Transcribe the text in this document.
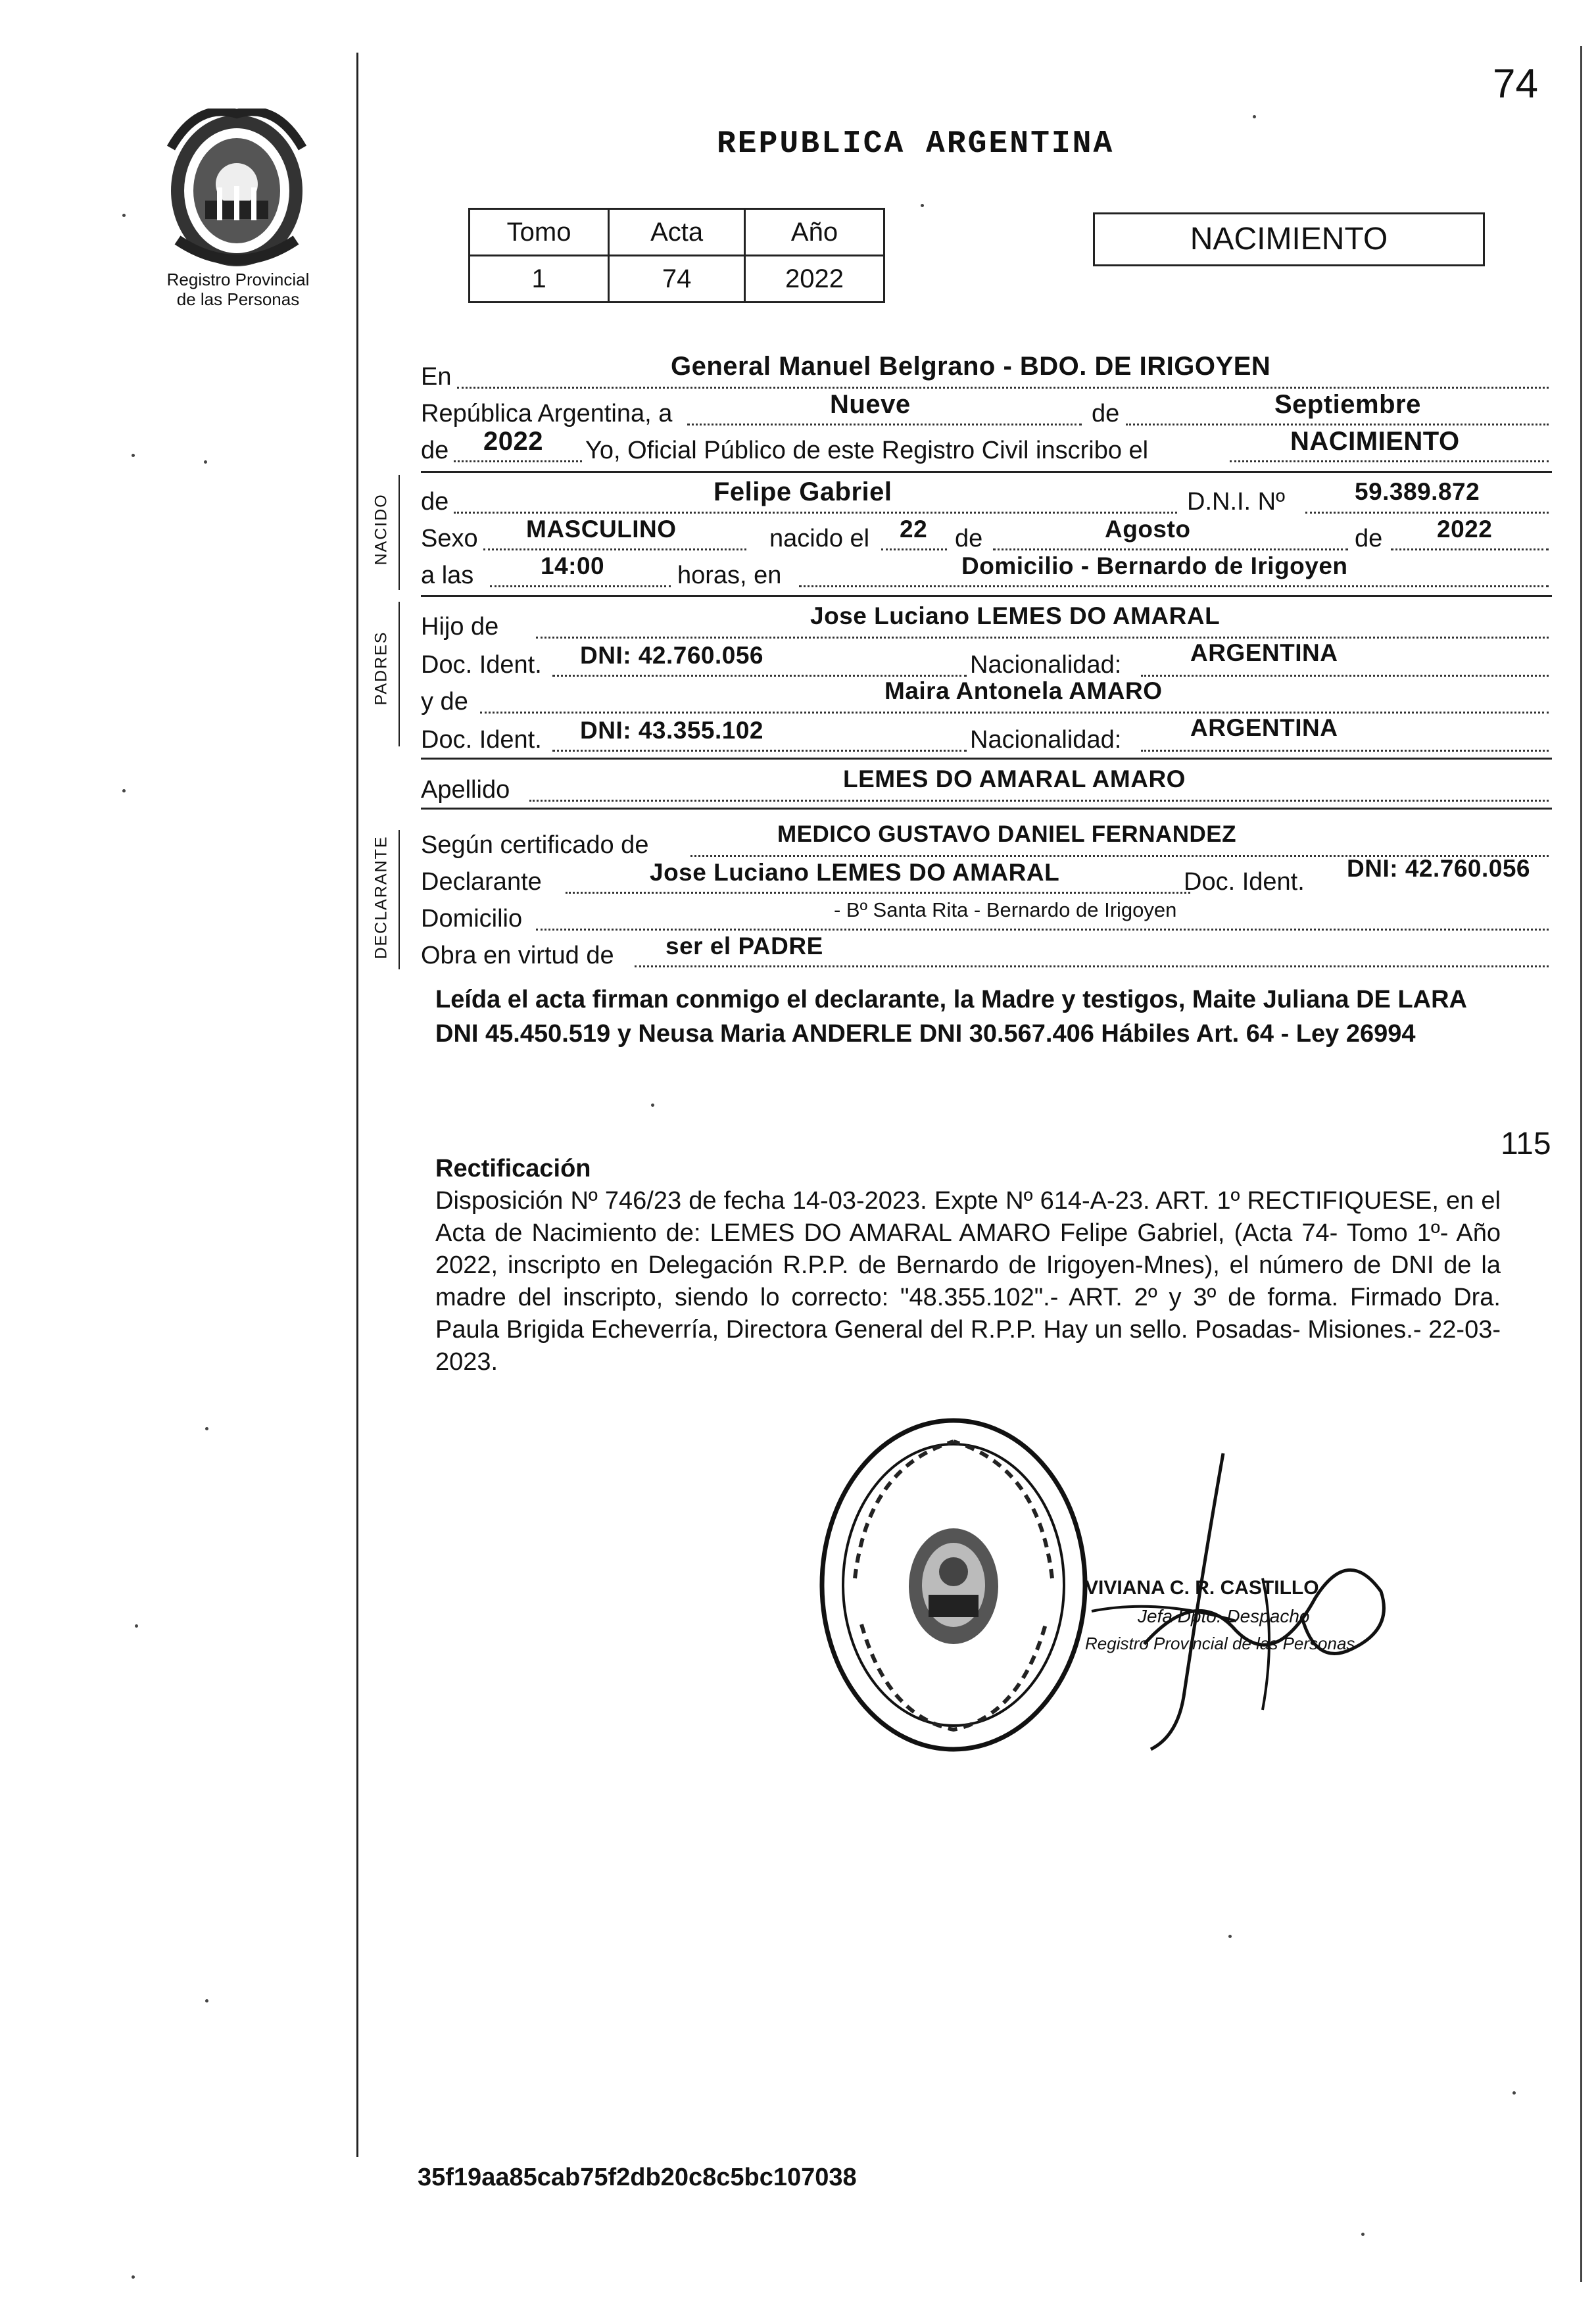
74
Registro Provincial
de las Personas
REPUBLICA ARGENTINA
Tomo	Acta	Año
1	74	2022
NACIMIENTO
En	General Manuel Belgrano - BDO. DE IRIGOYEN
República Argentina, a	Nueve	de	Septiembre
de 2022 Yo, Oficial Público de este Registro Civil inscribo el	NACIMIENTO
NACIDO de	Felipe Gabriel	D.N.I. Nº	59.389.872
Sexo MASCULINO	nacido el 22 de	Agosto	de 2022
a las	14:00	horas, en	Domicilio - Bernardo de Irigoyen
PADRES
Hijo de	Jose Luciano LEMES DO AMARAL
Doc. Ident. DNI: 42.760.056	Nacionalidad:	ARGENTINA
y de	Maira Antonela AMARO
Doc. Ident. DNI: 43.355.102	Nacionalidad:	ARGENTINA
Apellido	LEMES DO AMARAL AMARO
DECLARANTE Según certificado de	MEDICO GUSTAVO DANIEL FERNANDEZ
Declarante	Jose Luciano LEMES DO AMARAL	Doc. Ident. DNI: 42.760.056
Domicilio	- Bº Santa Rita - Bernardo de Irigoyen
Obra en virtud de ser el PADRE
Leída el acta firman conmigo el declarante, la Madre y testigos, Maite Juliana DE LARA DNI 45.450.519 y Neusa Maria ANDERLE DNI 30.567.406 Hábiles Art. 64 - Ley 26994
115
Rectificación
Disposición Nº 746/23 de fecha 14-03-2023. Expte Nº 614-A-23. ART. 1º RECTIFIQUESE, en el Acta de Nacimiento de: LEMES DO AMARAL AMARO Felipe Gabriel, (Acta 74- Tomo 1º- Año 2022, inscripto en Delegación R.P.P. de Bernardo de Irigoyen-Mnes), el número de DNI de la madre del inscripto, siendo lo correcto: "48.355.102".- ART. 2º y 3º de forma. Firmado Dra. Paula Brigida Echeverría, Directora General del R.P.P. Hay un sello. Posadas- Misiones.- 22-03-2023.
VIVIANA C. R. CASTILLO
Jefa Dpto. Despacho
Registro Provincial de las Personas
35f19aa85cab75f2db20c8c5bc107038
